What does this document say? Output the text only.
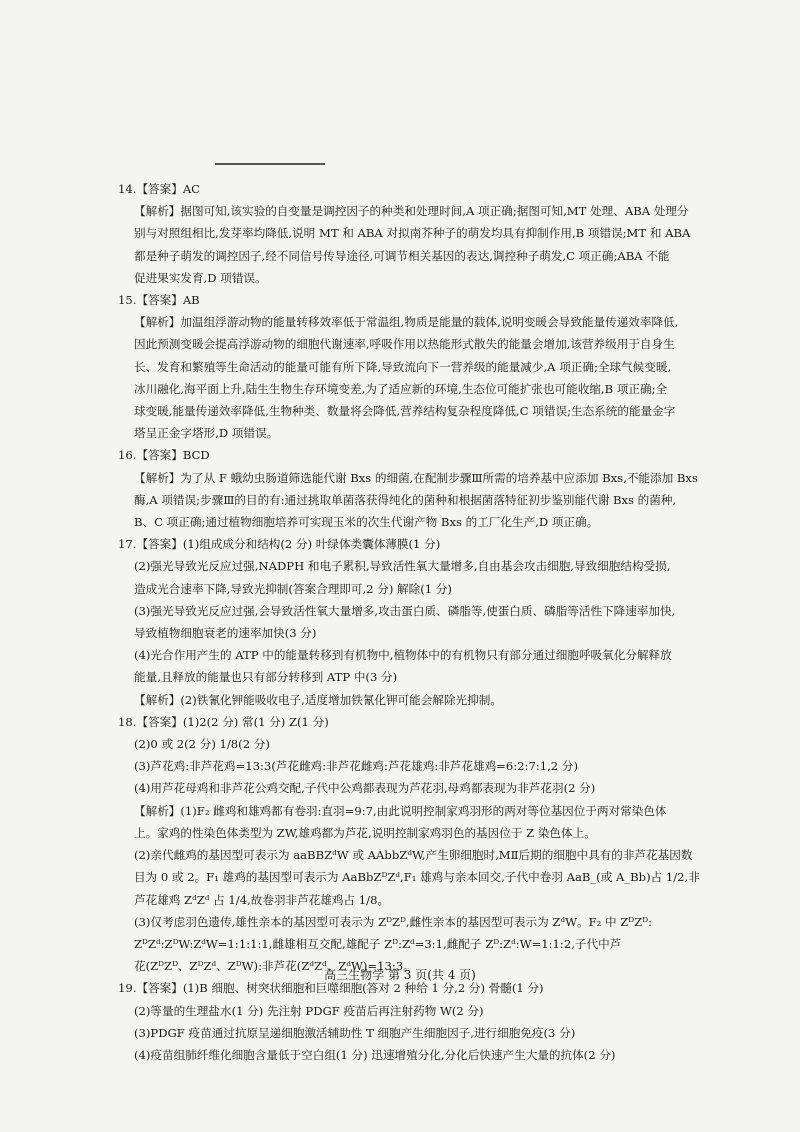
14.【答案】AC

【解析】据图可知,该实验的自变量是调控因子的种类和处理时间,A 项正确;据图可知,MT 处理、ABA 处理分

别与对照组相比,发芽率均降低,说明 MT 和 ABA 对拟南芥种子的萌发均具有抑制作用,B 项错误;MT 和 ABA

都是种子萌发的调控因子,经不同信号传导途径,可调节相关基因的表达,调控种子萌发,C 项正确;ABA 不能

促进果实发育,D 项错误。

15.【答案】AB

【解析】加温组浮游动物的能量转移效率低于常温组,物质是能量的载体,说明变暖会导致能量传递效率降低,

因此预测变暖会提高浮游动物的细胞代谢速率,呼吸作用以热能形式散失的能量会增加,该营养级用于自身生

长、发育和繁殖等生命活动的能量可能有所下降,导致流向下一营养级的能量减少,A 项正确;全球气候变暖,

冰川融化,海平面上升,陆生生物生存环境变差,为了适应新的环境,生态位可能扩张也可能收缩,B 项正确;全

球变暖,能量传递效率降低,生物种类、数量将会降低,营养结构复杂程度降低,C 项错误;生态系统的能量金字

塔呈正金字塔形,D 项错误。

16.【答案】BCD

【解析】为了从 F 蛾幼虫肠道筛选能代谢 Bxs 的细菌,在配制步骤Ⅲ所需的培养基中应添加 Bxs,不能添加 Bxs

酶,A 项错误;步骤Ⅲ的目的有:通过挑取单菌落获得纯化的菌种和根据菌落特征初步鉴别能代谢 Bxs 的菌种,

B、C 项正确;通过植物细胞培养可实现玉米的次生代谢产物 Bxs 的工厂化生产,D 项正确。

17.【答案】(1)组成成分和结构(2 分) 叶绿体类囊体薄膜(1 分)

(2)强光导致光反应过强,NADPH 和电子累积,导致活性氧大量增多,自由基会攻击细胞,导致细胞结构受损,

造成光合速率下降,导致光抑制(答案合理即可,2 分) 解除(1 分)

(3)强光导致光反应过强,会导致活性氧大量增多,攻击蛋白质、磷脂等,使蛋白质、磷脂等活性下降速率加快,

导致植物细胞衰老的速率加快(3 分)

(4)光合作用产生的 ATP 中的能量转移到有机物中,植物体中的有机物只有部分通过细胞呼吸氧化分解释放

能量,且释放的能量也只有部分转移到 ATP 中(3 分)

【解析】(2)铁氰化钾能吸收电子,适度增加铁氰化钾可能会解除光抑制。

18.【答案】(1)2(2 分) 常(1 分) Z(1 分)

(2)0 或 2(2 分) 1/8(2 分)

(3)芦花鸡:非芦花鸡=13:3(芦花雌鸡:非芦花雌鸡:芦花雄鸡:非芦花雄鸡=6:2:7:1,2 分)

(4)用芦花母鸡和非芦花公鸡交配,子代中公鸡都表现为芦花羽,母鸡都表现为非芦花羽(2 分)

【解析】(1)F₂ 雌鸡和雄鸡都有卷羽:直羽=9:7,由此说明控制家鸡羽形的两对等位基因位于两对常染色体

上。家鸡的性染色体类型为 ZW,雄鸡都为芦花,说明控制家鸡羽色的基因位于 Z 染色体上。

(2)亲代雌鸡的基因型可表示为 aaBBZᵈW 或 AAbbZᵈW,产生卵细胞时,MⅡ后期的细胞中具有的非芦花基因数

目为 0 或 2。F₁ 雄鸡的基因型可表示为 AaBbZᴰZᵈ,F₁ 雄鸡与亲本回交,子代中卷羽 AaB_(或 A_Bb)占 1/2,非

芦花雄鸡 ZᵈZᵈ 占 1/4,故卷羽非芦花雄鸡占 1/8。

(3)仅考虑羽色遗传,雄性亲本的基因型可表示为 ZᴰZᴰ,雌性亲本的基因型可表示为 ZᵈW。F₂ 中 ZᴰZᴰ:

ZᴰZᵈ:ZᴰW:ZᵈW=1:1:1:1,雌雄相互交配,雄配子 Zᴰ:Zᵈ=3:1,雌配子 Zᴰ:Zᵈ:W=1:1:2,子代中芦

花(ZᴰZᴰ、ZᴰZᵈ、ZᴰW):非芦花(ZᵈZᵈ、ZᵈW)=13:3。

19.【答案】(1)B 细胞、树突状细胞和巨噬细胞(答对 2 种给 1 分,2 分) 骨髓(1 分)

(2)等量的生理盐水(1 分) 先注射 PDGF 疫苗后再注射药物 W(2 分)

(3)PDGF 疫苗通过抗原呈递细胞激活辅助性 T 细胞产生细胞因子,进行细胞免疫(3 分)

(4)疫苗组肺纤维化细胞含量低于空白组(1 分) 迅速增殖分化,分化后快速产生大量的抗体(2 分)

高三生物学 第 3 页(共 4 页)
